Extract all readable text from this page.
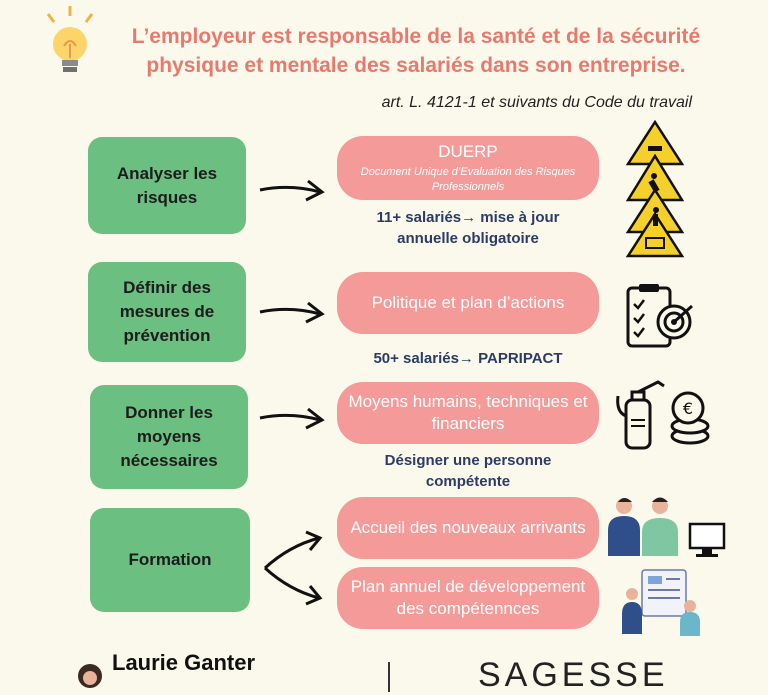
L’employeur est responsable de la santé et de la sécurité
physique et mentale des salariés dans son entreprise.
art. L. 4121-1 et suivants du Code du travail
Analyser les risques
Définir des mesures de prévention
Donner les moyens nécessaires
Formation
DUERP
Document Unique d’Evaluation des Risques Professionnels
Politique et plan d’actions
Moyens humains, techniques et financiers
Accueil des nouveaux arrivants
Plan annuel de développement des compétennces
11+ salariés→ mise à jour annuelle obligatoire
50+ salariés→ PAPRIPACT
Désigner une personne compétente
€
Laurie Ganter	SAGESSE
